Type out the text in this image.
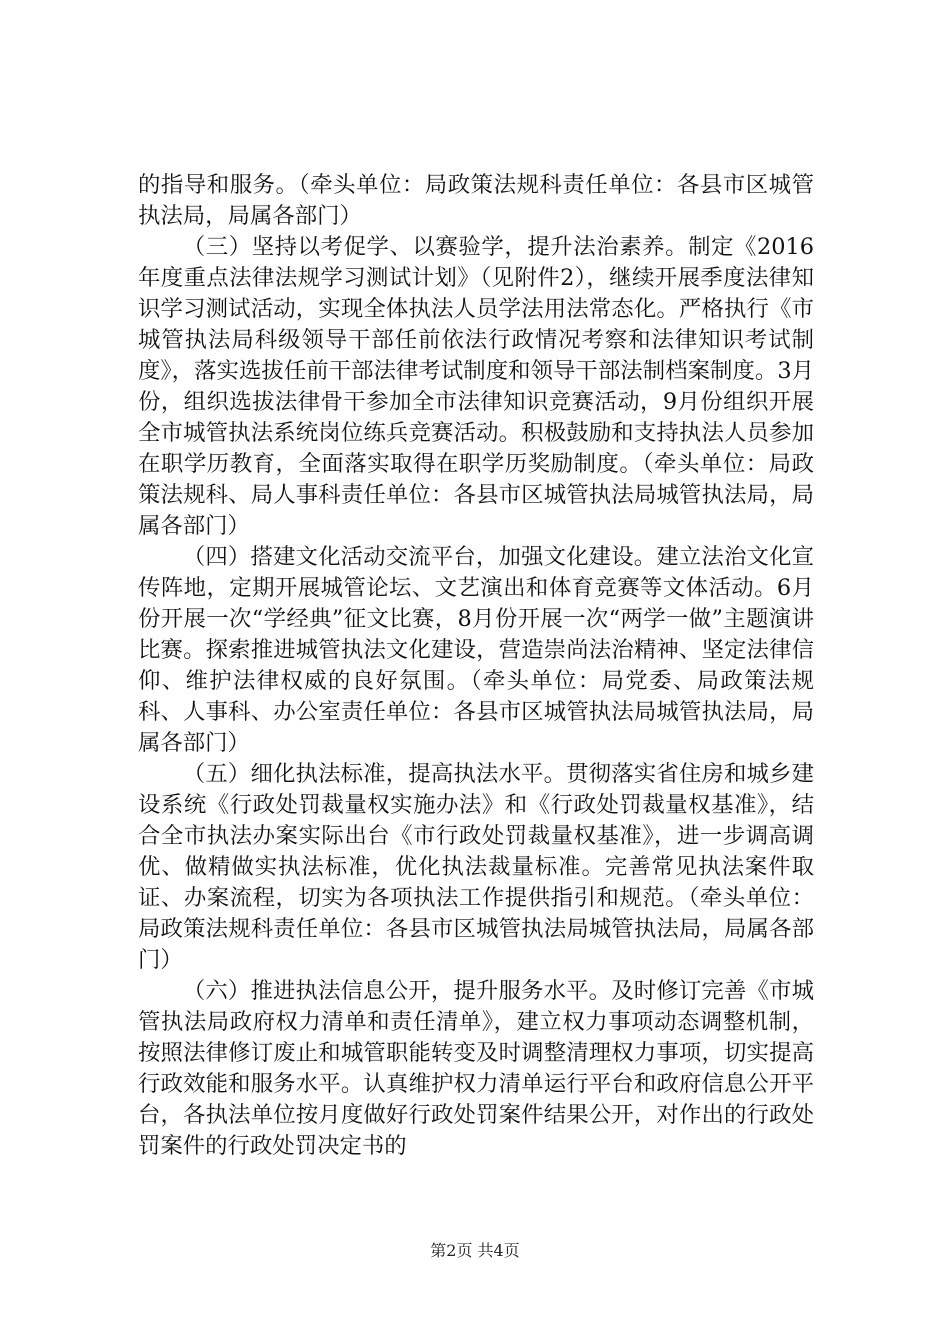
的指导和服务。（牵头单位：局政策法规科责任单位：各县市区城管执法局，局属各部门）

（三）坚持以考促学、以赛验学，提升法治素养。制定《2016年度重点法律法规学习测试计划》（见附件2），继续开展季度法律知识学习测试活动，实现全体执法人员学法用法常态化。严格执行《市城管执法局科级领导干部任前依法行政情况考察和法律知识考试制度》，落实选拔任前干部法律考试制度和领导干部法制档案制度。3月份，组织选拔法律骨干参加全市法律知识竞赛活动，9月份组织开展全市城管执法系统岗位练兵竞赛活动。积极鼓励和支持执法人员参加在职学历教育，全面落实取得在职学历奖励制度。（牵头单位：局政策法规科、局人事科责任单位：各县市区城管执法局城管执法局，局属各部门）

（四）搭建文化活动交流平台，加强文化建设。建立法治文化宣传阵地，定期开展城管论坛、文艺演出和体育竞赛等文体活动。6月份开展一次“学经典”征文比赛，8月份开展一次“两学一做”主题演讲比赛。探索推进城管执法文化建设，营造崇尚法治精神、坚定法律信仰、维护法律权威的良好氛围。（牵头单位：局党委、局政策法规科、人事科、办公室责任单位：各县市区城管执法局城管执法局，局属各部门）

（五）细化执法标准，提高执法水平。贯彻落实省住房和城乡建设系统《行政处罚裁量权实施办法》和《行政处罚裁量权基准》，结合全市执法办案实际出台《市行政处罚裁量权基准》，进一步调高调优、做精做实执法标准，优化执法裁量标准。完善常见执法案件取证、办案流程，切实为各项执法工作提供指引和规范。（牵头单位：局政策法规科责任单位：各县市区城管执法局城管执法局，局属各部门）

（六）推进执法信息公开，提升服务水平。及时修订完善《市城管执法局政府权力清单和责任清单》，建立权力事项动态调整机制，按照法律修订废止和城管职能转变及时调整清理权力事项，切实提高行政效能和服务水平。认真维护权力清单运行平台和政府信息公开平台，各执法单位按月度做好行政处罚案件结果公开，对作出的行政处罚案件的行政处罚决定书的

第2页 共4页
